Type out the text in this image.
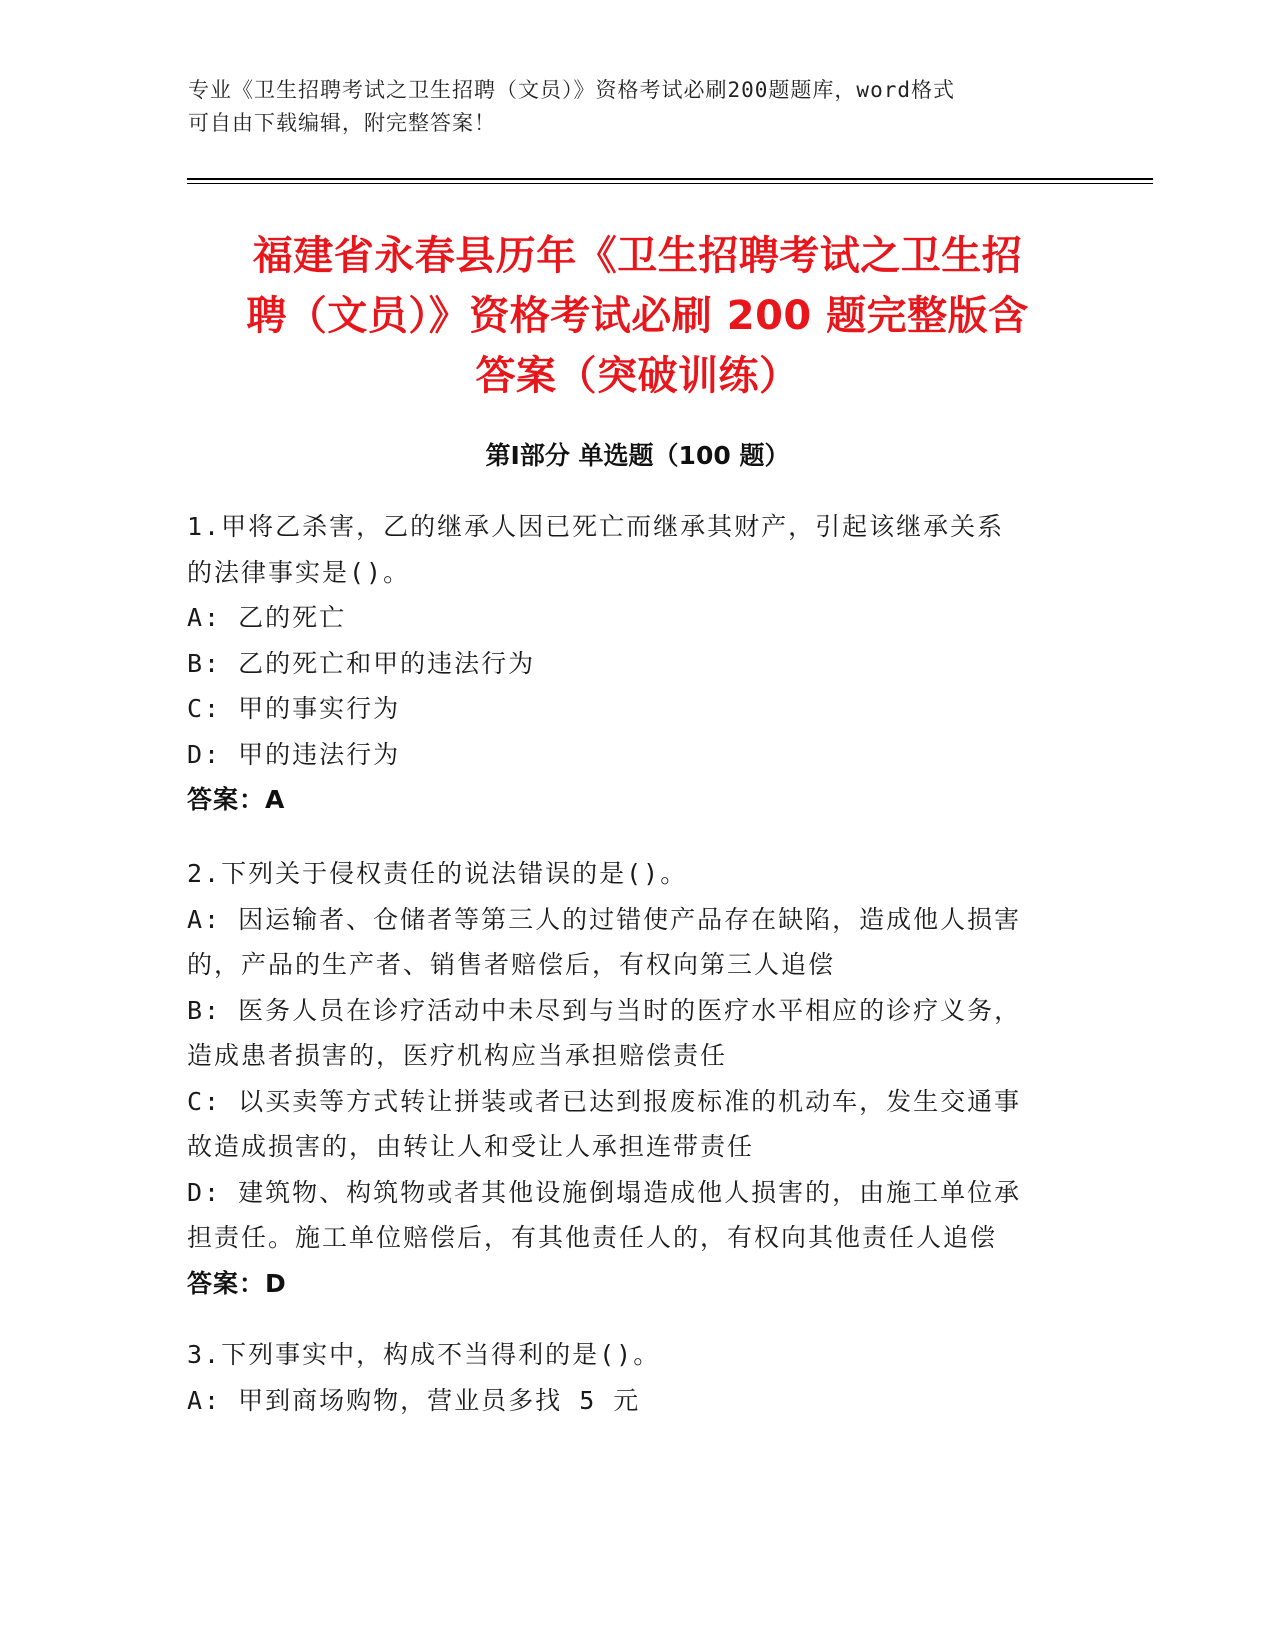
专业《卫生招聘考试之卫生招聘（文员）》资格考试必刷200题题库，word格式
可自由下载编辑，附完整答案！
福建省永春县历年《卫生招聘考试之卫生招
聘（文员）》资格考试必刷 200 题完整版含
答案（突破训练）
第Ⅰ部分 单选题（100 题）
1.甲将乙杀害，乙的继承人因已死亡而继承其财产，引起该继承关系
的法律事实是()。
A: 乙的死亡
B: 乙的死亡和甲的违法行为
C: 甲的事实行为
D: 甲的违法行为
答案：A
2.下列关于侵权责任的说法错误的是()。
A: 因运输者、仓储者等第三人的过错使产品存在缺陷，造成他人损害
的，产品的生产者、销售者赔偿后，有权向第三人追偿
B: 医务人员在诊疗活动中未尽到与当时的医疗水平相应的诊疗义务，
造成患者损害的，医疗机构应当承担赔偿责任
C: 以买卖等方式转让拼装或者已达到报废标准的机动车，发生交通事
故造成损害的，由转让人和受让人承担连带责任
D: 建筑物、构筑物或者其他设施倒塌造成他人损害的，由施工单位承
担责任。施工单位赔偿后，有其他责任人的，有权向其他责任人追偿
答案：D
3.下列事实中，构成不当得利的是()。
A: 甲到商场购物，营业员多找 5 元
